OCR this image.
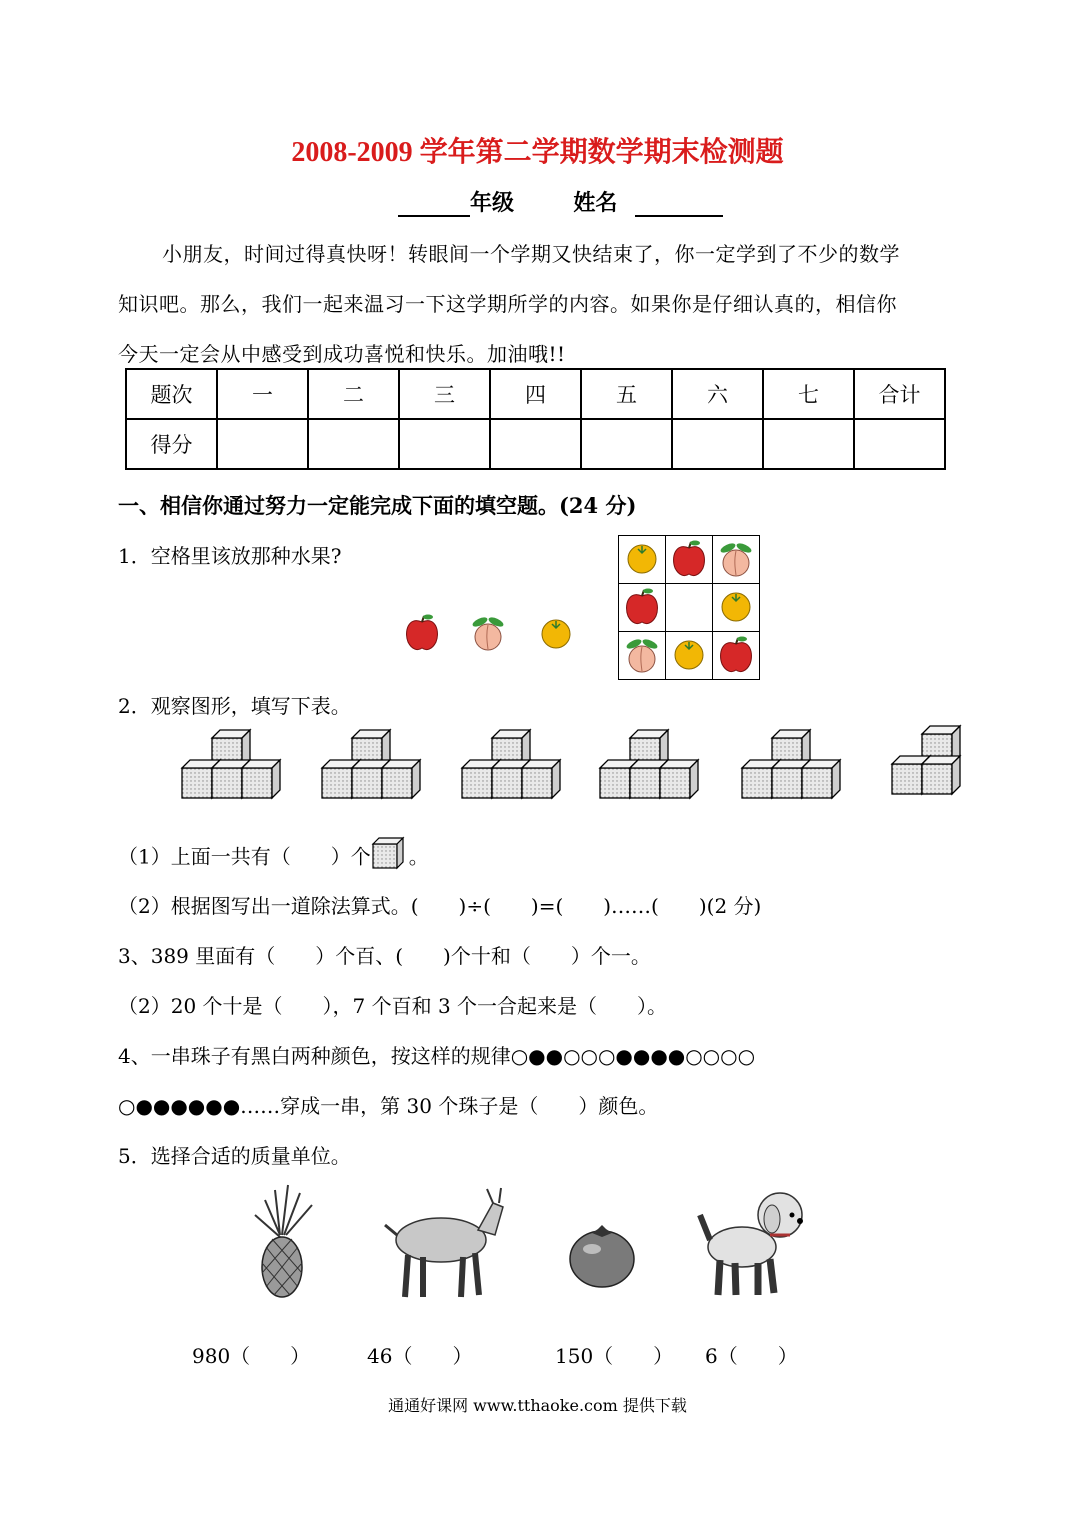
2008-2009 学年第二学期数学期末检测题
年级	姓名
小朋友，时间过得真快呀！转眼间一个学期又快结束了，你一定学到了不少的数学
知识吧。那么，我们一起来温习一下这学期所学的内容。如果你是仔细认真的，相信你
今天一定会从中感受到成功喜悦和快乐。加油哦!!
题次	一	二	三	四	五	六	七	合计
得分								
一、相信你通过努力一定能完成下面的填空题。(24 分)
1．空格里该放那种水果?

2．观察图形，填写下表。
（1）上面一共有（　　）个 。
（2）根据图写出一道除法算式。(　　)÷(　　)=(　　)……(　　)(2 分)
3、389 里面有（　　）个百、(　　)个十和（　　）个一。
（2）20 个十是（　　），7 个百和 3 个一合起来是（　　）。
4、一串珠子有黑白两种颜色，按这样的规律○●●○○○●●●●○○○○
○●●●●●●……穿成一串，第 30 个珠子是（　　）颜色。
5．选择合适的质量单位。
980（　　）	46（　　）	150（　　） 6（　　）
通通好课网 www.tthaoke.com 提供下载
